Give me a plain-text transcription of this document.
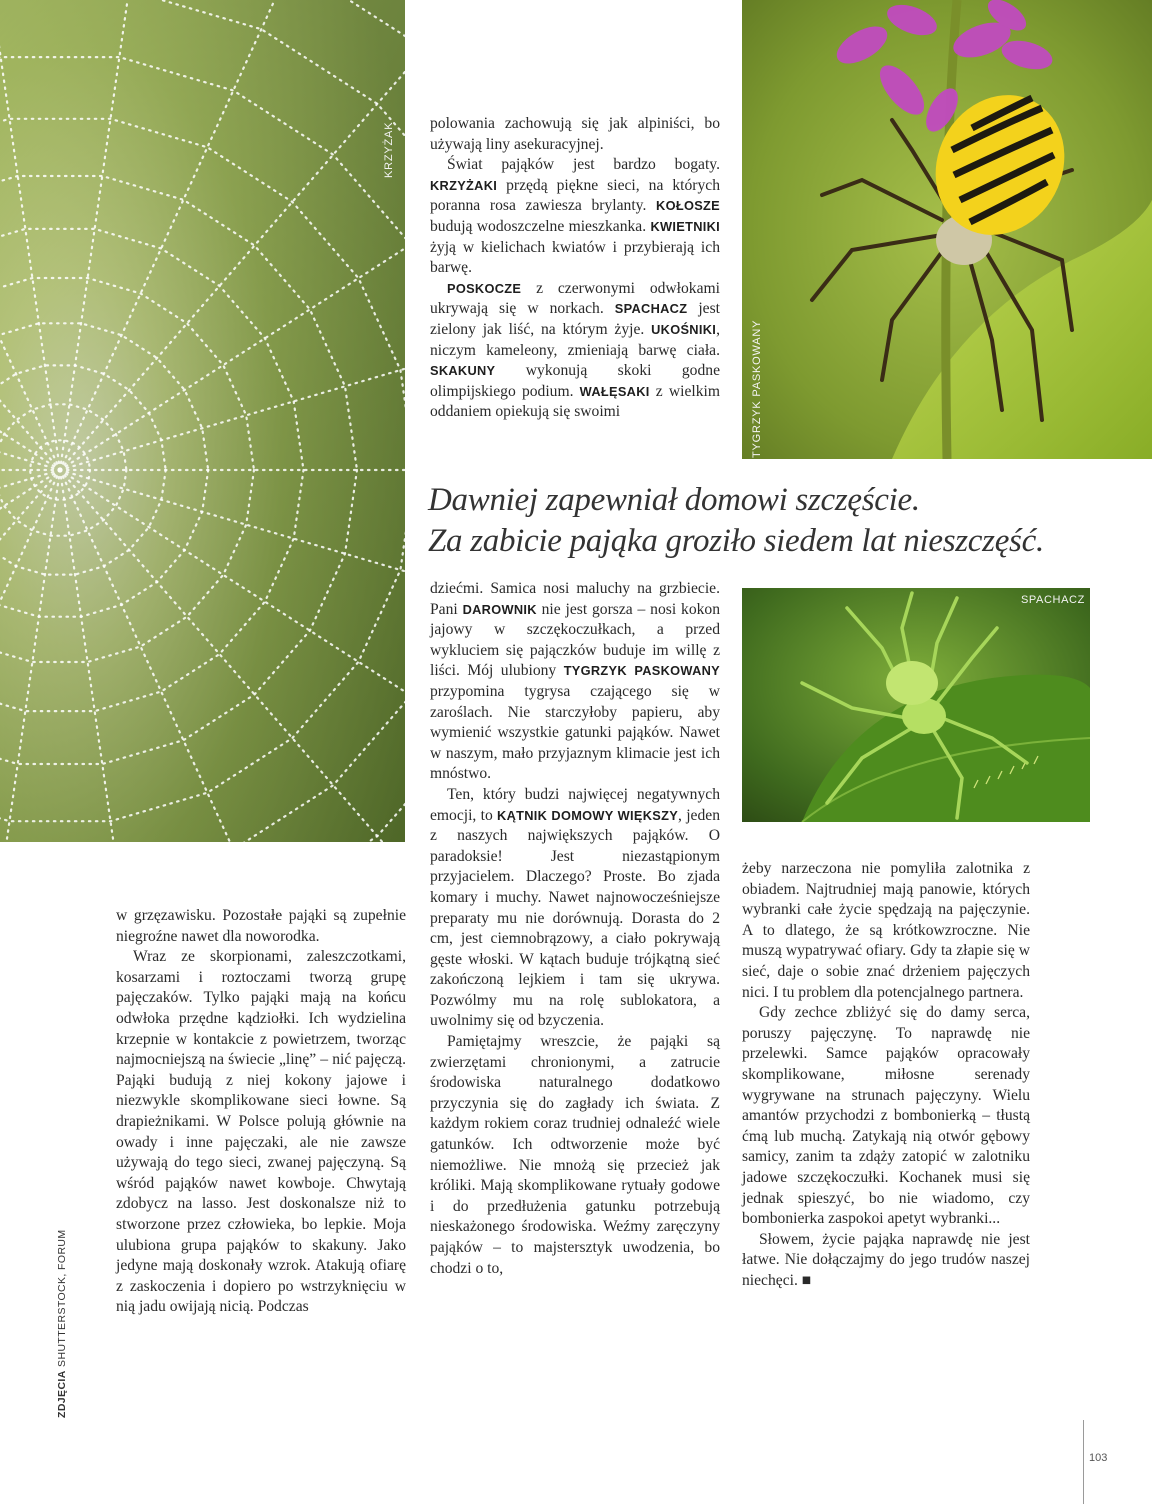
KRZYŻAK
TYGRZYK PASKOWANY
SPACHACZ

polowania zachowują się jak alpiniści, bo używają liny asekuracyjnej.

Świat pająków jest bardzo bogaty. KRZYŻAKI przędą piękne sieci, na których poranna rosa zawiesza brylanty. KOŁOSZE budują wodoszczelne mieszkanka. KWIETNIKI żyją w kielichach kwiatów i przybierają ich barwę.

POSKOCZE z czerwonymi odwłokami ukrywają się w norkach. SPACHACZ jest zielony jak liść, na którym żyje. UKOŚNIKI, niczym kameleony, zmieniają barwę ciała. SKAKUNY wykonują skoki godne olimpijskiego podium. WAŁĘSAKI z wielkim oddaniem opiekują się swoimi

Dawniej zapewniał domowi szczęście.
Za zabicie pająka groziło siedem lat nieszczęść.

dziećmi. Samica nosi maluchy na grzbiecie. Pani DAROWNIK nie jest gorsza – nosi kokon jajowy w szczękoczułkach, a przed wykluciem się pajączków buduje im willę z liści. Mój ulubiony TYGRZYK PASKOWANY przypomina tygrysa czającego się w zaroślach. Nie starczyłoby papieru, aby wymienić wszystkie gatunki pająków. Nawet w naszym, mało przyjaznym klimacie jest ich mnóstwo.

Ten, który budzi najwięcej negatywnych emocji, to KĄTNIK DOMOWY WIĘKSZY, jeden z naszych największych pająków. O paradoksie! Jest niezastąpionym przyjacielem. Dlaczego? Proste. Bo zjada komary i muchy. Nawet najnowocześniejsze preparaty mu nie dorównują. Dorasta do 2 cm, jest ciemnobrązowy, a ciało pokrywają gęste włoski. W kątach buduje trójkątną sieć zakończoną lejkiem i tam się ukrywa. Pozwólmy mu na rolę sublokatora, a uwolnimy się od bzyczenia.

Pamiętajmy wreszcie, że pająki są zwierzętami chronionymi, a zatrucie środowiska naturalnego dodatkowo przyczynia się do zagłady ich świata. Z każdym rokiem coraz trudniej odnaleźć wiele gatunków. Ich odtworzenie może być niemożliwe. Nie mnożą się przecież jak króliki. Mają skomplikowane rytuały godowe i do przedłużenia gatunku potrzebują nieskażonego środowiska. Weźmy zaręczyny pająków – to majstersztyk uwodzenia, bo chodzi o to,

w grzęzawisku. Pozostałe pająki są zupełnie niegroźne nawet dla noworodka.

Wraz ze skorpionami, zaleszczotkami, kosarzami i roztoczami tworzą grupę pajęczaków. Tylko pająki mają na końcu odwłoka przędne kądziołki. Ich wydzielina krzepnie w kontakcie z powietrzem, tworząc najmocniejszą na świecie „linę” – nić pajęczą. Pająki budują z niej kokony jajowe i niezwykle skomplikowane sieci łowne. Są drapieżnikami. W Polsce polują głównie na owady i inne pajęczaki, ale nie zawsze używają do tego sieci, zwanej pajęczyną. Są wśród pająków nawet kowboje. Chwytają zdobycz na lasso. Jest doskonalsze niż to stworzone przez człowieka, bo lepkie. Moja ulubiona grupa pająków to skakuny. Jako jedyne mają doskonały wzrok. Atakują ofiarę z zaskoczenia i dopiero po wstrzyknięciu w nią jadu owijają nicią. Podczas

żeby narzeczona nie pomyliła zalotnika z obiadem. Najtrudniej mają panowie, których wybranki całe życie spędzają na pajęczynie. A to dlatego, że są krótkowzroczne. Nie muszą wypatrywać ofiary. Gdy ta złapie się w sieć, daje o sobie znać drżeniem pajęczych nici. I tu problem dla potencjalnego partnera.

Gdy zechce zbliżyć się do damy serca, poruszy pajęczynę. To naprawdę nie przelewki. Samce pająków opracowały skomplikowane, miłosne serenady wygrywane na strunach pajęczyny. Wielu amantów przychodzi z bombonierką – tłustą ćmą lub muchą. Zatykają nią otwór gębowy samicy, zanim ta zdąży zatopić w zalotniku jadowe szczękoczułki. Kochanek musi się jednak spieszyć, bo nie wiadomo, czy bombonierka zaspokoi apetyt wybranki...

Słowem, życie pająka naprawdę nie jest łatwe. Nie dołączajmy do jego trudów naszej niechęci. ■

ZDJĘCIA SHUTTERSTOCK, FORUM
103
